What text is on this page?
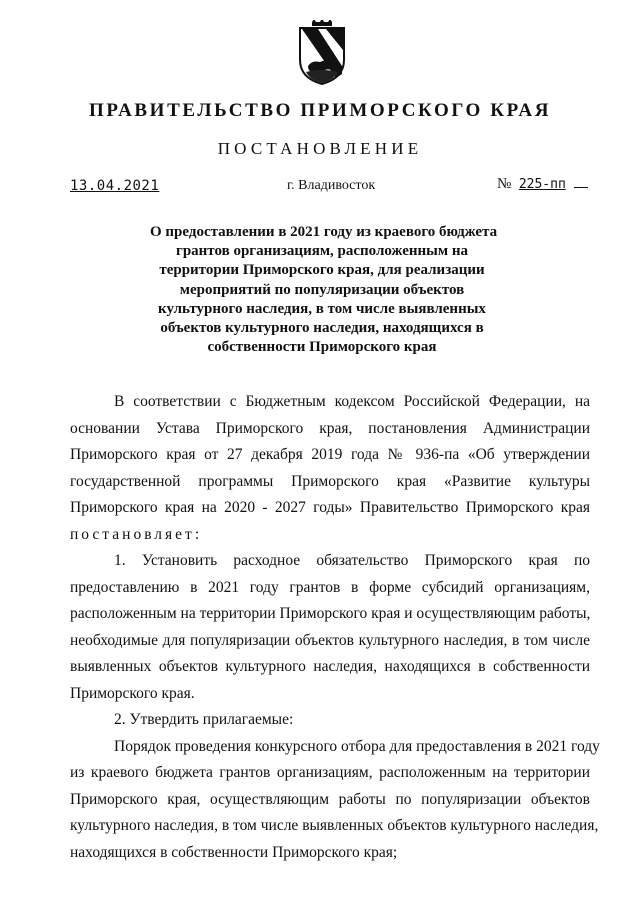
ПРАВИТЕЛЬСТВО ПРИМОРСКОГО КРАЯ
ПОСТАНОВЛЕНИЕ
13.04.2021	г. Владивосток	№ 225-пп
О предоставлении в 2021 году из краевого бюджета
грантов организациям, расположенным на
территории Приморского края, для реализации
мероприятий по популяризации объектов
культурного наследия, в том числе выявленных
объектов культурного наследия, находящихся в
собственности Приморского края
В соответствии с Бюджетным кодексом Российской Федерации, на
основании Устава Приморского края, постановления Администрации
Приморского края от 27 декабря 2019 года № 936-па «Об утверждении
государственной программы Приморского края «Развитие культуры
Приморского края на 2020 - 2027 годы» Правительство Приморского края
постановляет:
1. Установить расходное обязательство Приморского края по
предоставлению в 2021 году грантов в форме субсидий организациям,
расположенным на территории Приморского края и осуществляющим работы,
необходимые для популяризации объектов культурного наследия, в том числе
выявленных объектов культурного наследия, находящихся в собственности
Приморского края.
2. Утвердить прилагаемые:
Порядок проведения конкурсного отбора для предоставления в 2021 году
из краевого бюджета грантов организациям, расположенным на территории
Приморского края, осуществляющим работы по популяризации объектов
культурного наследия, в том числе выявленных объектов культурного наследия,
находящихся в собственности Приморского края;
